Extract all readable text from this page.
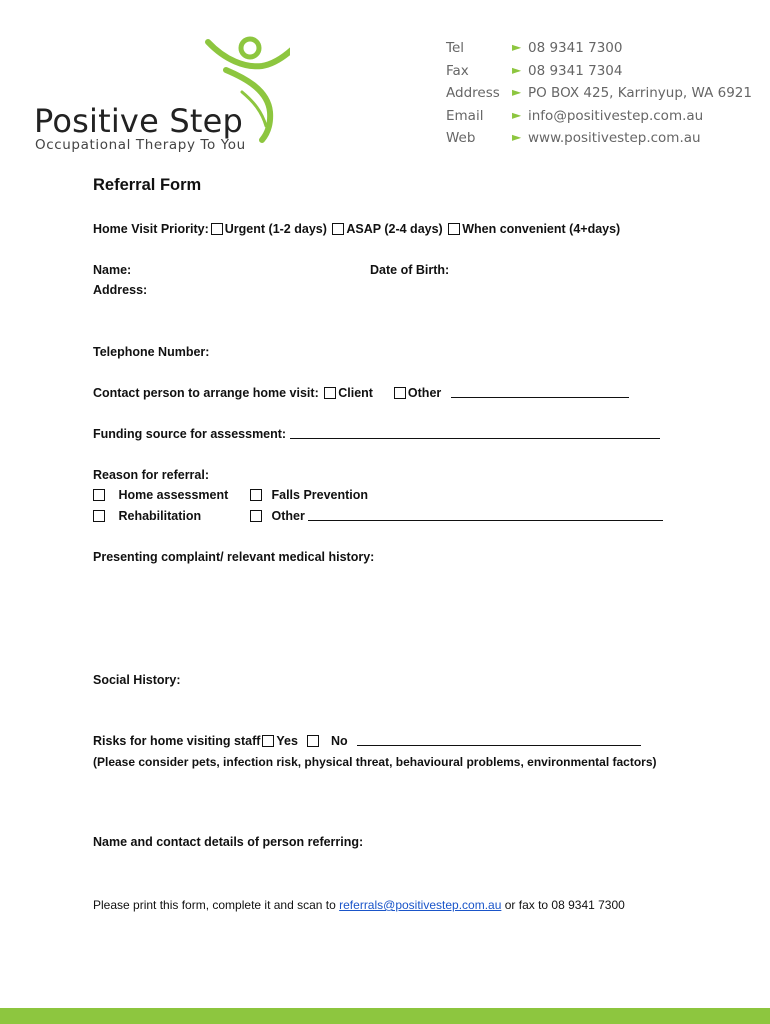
Positive Step
Occupational Therapy To You
Tel	► 08 9341 7300
Fax	► 08 9341 7304
Address ► PO BOX 425, Karrinyup, WA 6921
Email ► info@positivestep.com.au
Web	► www.positivestep.com.au
Referral Form
Home Visit Priority: Urgent (1-2 days) ASAP (2-4 days) When convenient (4+days)
Name:	Date of Birth:
Address:
Telephone Number:
Contact person to arrange home visit: Client	Other
Funding source for assessment:
Reason for referral:
Home assessment	Falls Prevention
Rehabilitation	Other
Presenting complaint/ relevant medical history:
Social History:
Risks for home visiting staff Yes	No
(Please consider pets, infection risk, physical threat, behavioural problems, environmental factors)
Name and contact details of person referring:
Please print this form, complete it and scan to referrals@positivestep.com.au or fax to 08 9341 7300
